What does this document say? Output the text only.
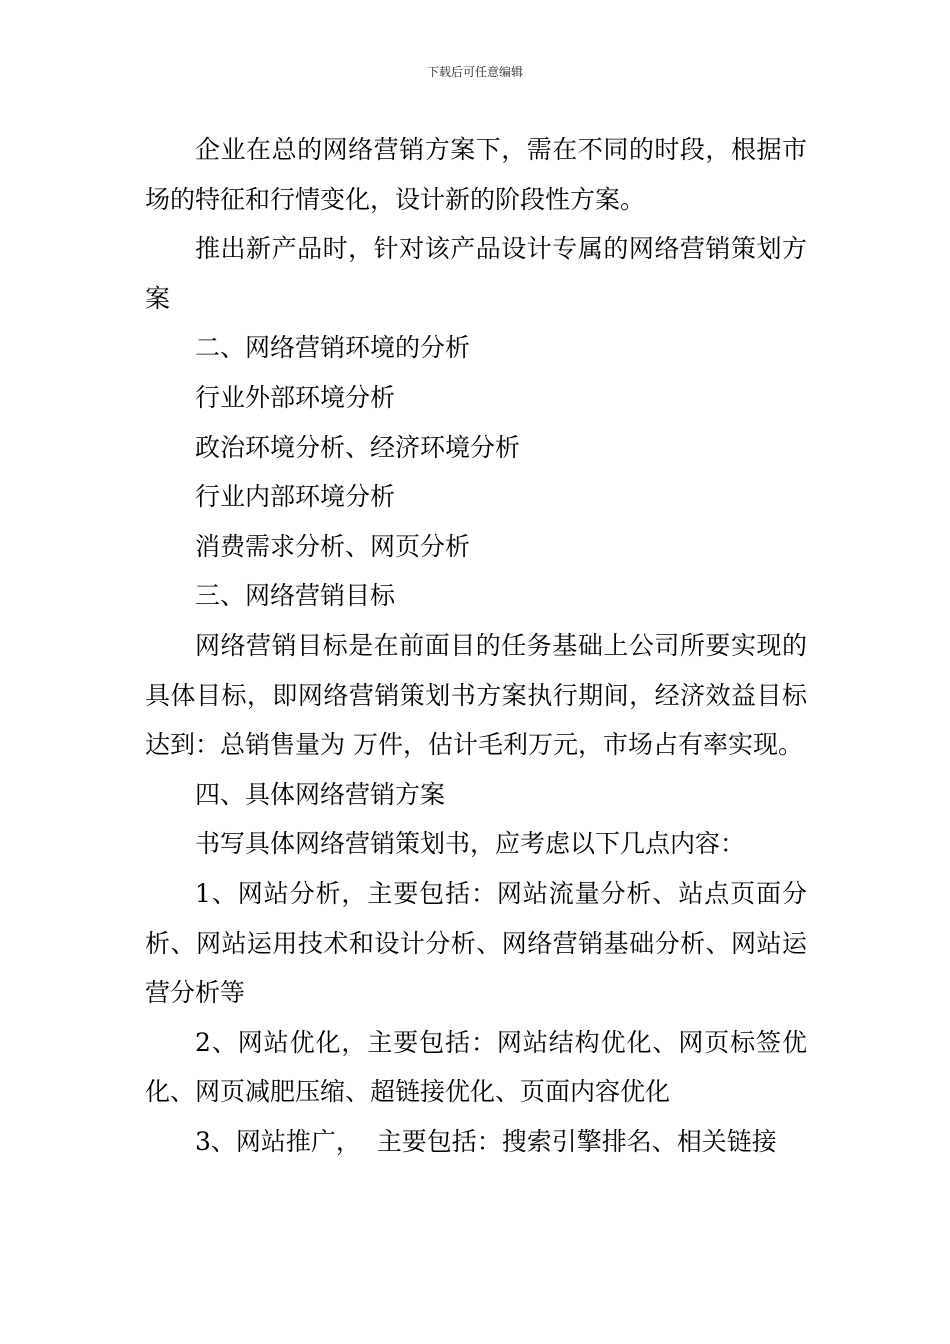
下载后可任意编辑

企业在总的网络营销方案下，需在不同的时段，根据市场的特征和行情变化，设计新的阶段性方案。

推出新产品时，针对该产品设计专属的网络营销策划方案

二、网络营销环境的分析

行业外部环境分析

政治环境分析、经济环境分析

行业内部环境分析

消费需求分析、网页分析

三、网络营销目标

网络营销目标是在前面目的任务基础上公司所要实现的具体目标，即网络营销策划书方案执行期间，经济效益目标达到：总销售量为 万件，估计毛利万元，市场占有率实现。

四、具体网络营销方案

书写具体网络营销策划书，应考虑以下几点内容：

1、网站分析，主要包括：网站流量分析、站点页面分析、网站运用技术和设计分析、网络营销基础分析、网站运营分析等

2、网站优化，主要包括：网站结构优化、网页标签优化、网页减肥压缩、超链接优化、页面内容优化

3、网站推广，  主要包括：搜索引擎排名、相关链接
